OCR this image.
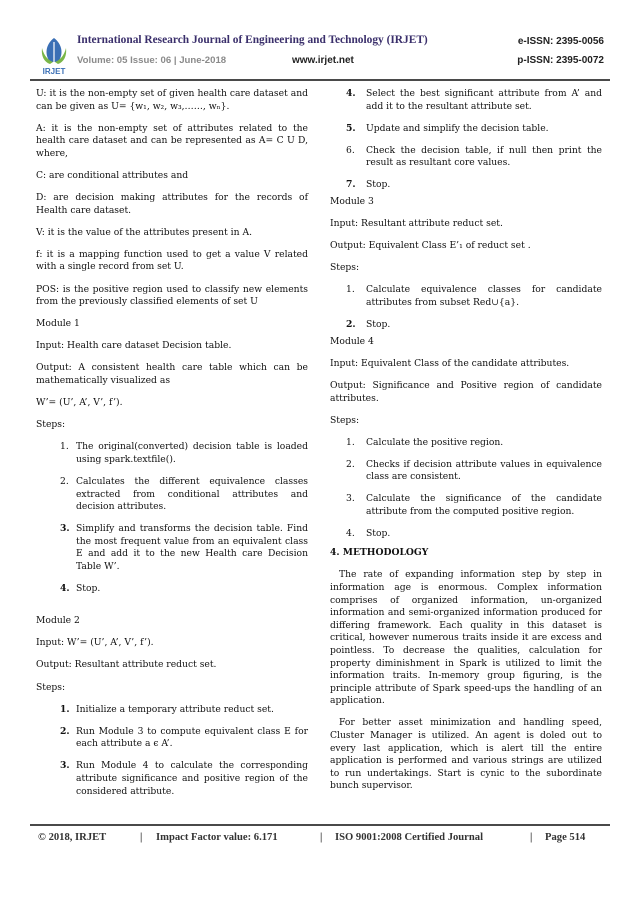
IRJET
International Research Journal of Engineering and Technology (IRJET)	e-ISSN: 2395-0056
Volume: 05 Issue: 06 | June-2018	www.irjet.net	p-ISSN: 2395-0072

U: it is the non-empty set of given health care dataset and can be given as U= {w₁, w₂, w₃,……, wₙ}.

A: it is the non-empty set of attributes related to the health care dataset and can be represented as A= C U D, where,

C: are conditional attributes and

D: are decision making attributes for the records of Health care dataset.

V: it is the value of the attributes present in A.

f: it is a mapping function used to get a value V related with a single record from set U.

POS: is the positive region used to classify new elements from the previously classified elements of set U

Module 1

Input: Health care dataset Decision table.

Output: A consistent health care table which can be mathematically visualized as

W’= (U’, A’, V’, f’).

Steps:

1. The original(converted) decision table is loaded using spark.textfile().
2. Calculates the different equivalence classes extracted from conditional attributes and decision attributes.
3. Simplify and transforms the decision table. Find the most frequent value from an equivalent class E and add it to the new Health care Decision Table W’.
4. Stop.

Module 2

Input: W’= (U’, A’, V’, f’).

Output: Resultant attribute reduct set.

Steps:

1. Initialize a temporary attribute reduct set.
2. Run Module 3 to compute equivalent class E for each attribute a ϵ A’.
3. Run Module 4 to calculate the corresponding attribute significance and positive region of the considered attribute.
4.	Select the best significant attribute from A’ and add it to the resultant attribute set.
5.	Update and simplify the decision table.
6.	Check the decision table, if null then print the result as resultant core values.
7.	Stop.

Module 3

Input: Resultant attribute reduct set.

Output: Equivalent Class E’₁ of reduct set .

Steps:

1.	Calculate equivalence classes for candidate attributes from subset Red∪{a}.
2.	Stop.

Module 4

Input: Equivalent Class of the candidate attributes.

Output: Significance and Positive region of candidate attributes.

Steps:

1.	Calculate the positive region.
2.	Checks if decision attribute values in equivalence class are consistent.
3.	Calculate the significance of the candidate attribute from the computed positive region.
4.	Stop.

4. METHODOLOGY

The rate of expanding information step by step in information age is enormous. Complex information comprises of organized information, un-organized information and semi-organized information produced for differing framework. Each quality in this dataset is critical, however numerous traits inside it are excess and pointless. To decrease the qualities, calculation for property diminishment in Spark is utilized to limit the information traits. In-memory group figuring, is the principle attribute of Spark speed-ups the handling of an application.

For better asset minimization and handling speed, Cluster Manager is utilized. An agent is doled out to every last application, which is alert till the entire application is performed and various strings are utilized to run undertakings. Start is cynic to the subordinate bunch supervisor.

© 2018, IRJET	| Impact Factor value: 6.171	| ISO 9001:2008 Certified Journal	| Page 514
